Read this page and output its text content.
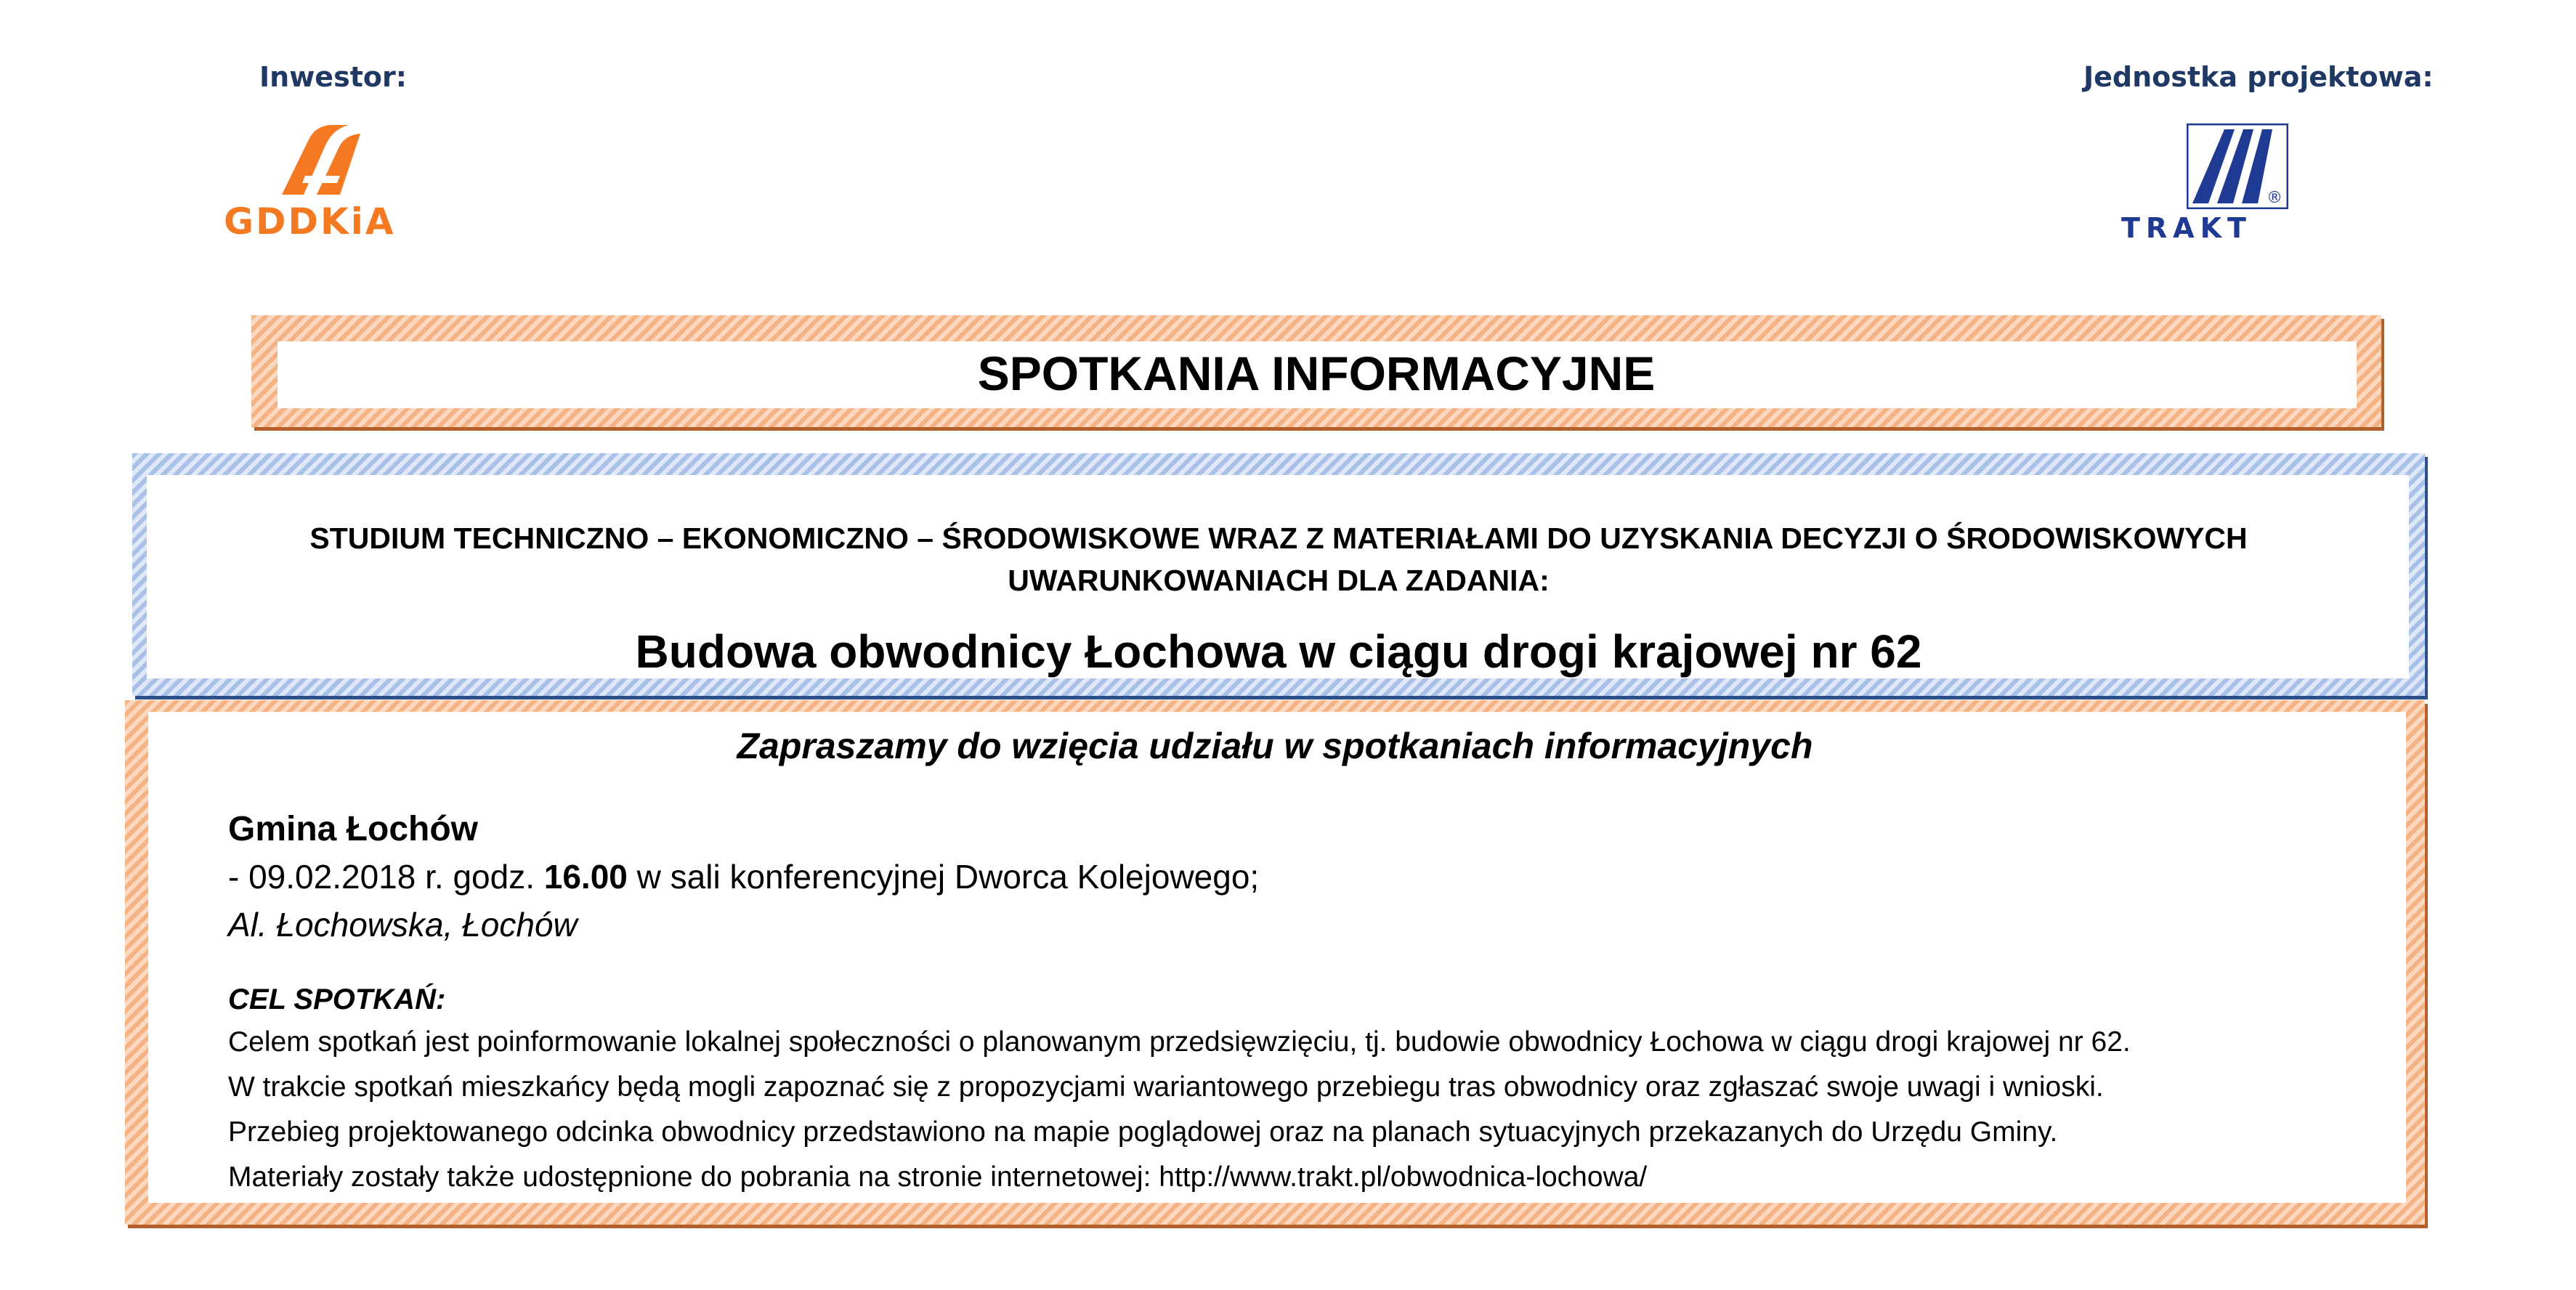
Inwestor:	Jednostka projektowa:
GDDKiA
®
TRAKT
SPOTKANIA INFORMACYJNE
STUDIUM TECHNICZNO – EKONOMICZNO – ŚRODOWISKOWE WRAZ Z MATERIAŁAMI DO UZYSKANIA DECYZJI O ŚRODOWISKOWYCH
UWARUNKOWANIACH DLA ZADANIA:
Budowa obwodnicy Łochowa w ciągu drogi krajowej nr 62
Zapraszamy do wzięcia udziału w spotkaniach informacyjnych
Gmina Łochów
- 09.02.2018 r. godz. 16.00 w sali konferencyjnej Dworca Kolejowego;
Al. Łochowska, Łochów
CEL SPOTKAŃ:
Celem spotkań jest poinformowanie lokalnej społeczności o planowanym przedsięwzięciu, tj. budowie obwodnicy Łochowa w ciągu drogi krajowej nr 62.
W trakcie spotkań mieszkańcy będą mogli zapoznać się z propozycjami wariantowego przebiegu tras obwodnicy oraz zgłaszać swoje uwagi i wnioski.
Przebieg projektowanego odcinka obwodnicy przedstawiono na mapie poglądowej oraz na planach sytuacyjnych przekazanych do Urzędu Gminy.
Materiały zostały także udostępnione do pobrania na stronie internetowej: http://www.trakt.pl/obwodnica-lochowa/
